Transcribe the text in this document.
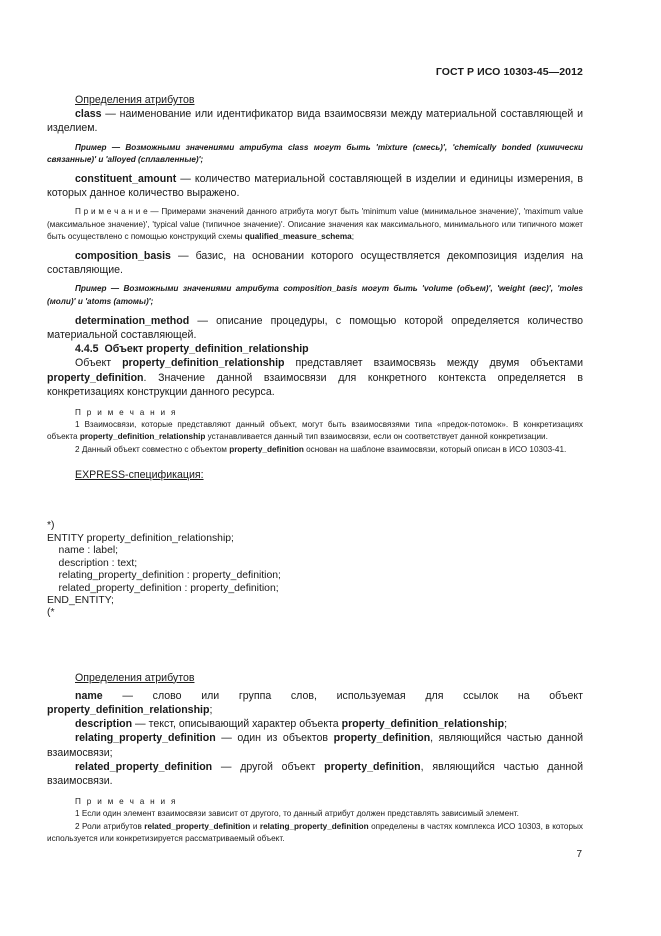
ГОСТ Р ИСО 10303-45—2012

Определения атрибутов

class — наименование или идентификатор вида взаимосвязи между материальной составляющей и изделием.

Пример — Возможными значениями атрибута class могут быть 'mixture (смесь)', 'chemically bonded (химически связанные)' и 'alloyed (сплавленные)';

constituent_amount — количество материальной составляющей в изделии и единицы измерения, в которых данное количество выражено.

П р и м е ч а н и е — Примерами значений данного атрибута могут быть 'minimum value (минимальное значение)', 'maximum value (максимальное значение)', 'typical value (типичное значение)'. Описание значения как максимального, минимального или типичного может быть осуществлено с помощью конструкций схемы qualified_measure_schema;

composition_basis — базис, на основании которого осуществляется декомпозиция изделия на составляющие.

Пример — Возможными значениями атрибута composition_basis могут быть 'volume (объем)', 'weight (вес)', 'moles (моли)' и 'atoms (атомы)';

determination_method — описание процедуры, с помощью которой определяется количество материальной составляющей.

4.4.5 Объект property_definition_relationship

Объект property_definition_relationship представляет взаимосвязь между двумя объектами property_definition. Значение данной взаимосвязи для конкретного контекста определяется в конкретизациях конструкции данного ресурса.

П р и м е ч а н и я

1 Взаимосвязи, которые представляют данный объект, могут быть взаимосвязями типа «предок-потомок». В конкретизациях объекта property_definition_relationship устанавливается данный тип взаимосвязи, если он соответствует данной конкретизации.

2 Данный объект совместно с объектом property_definition основан на шаблоне взаимосвязи, который описан в ИСО 10303-41.

EXPRESS-спецификация:

*)
ENTITY property_definition_relationship;
name : label;
description : text;
relating_property_definition : property_definition;
related_property_definition : property_definition;
END_ENTITY;
(*

Определения атрибутов

name — слово или группа слов, используемая для ссылок на объект property_definition_relationship;

description — текст, описывающий характер объекта property_definition_relationship;

relating_property_definition — один из объектов property_definition, являющийся частью данной взаимосвязи;

related_property_definition — другой объект property_definition, являющийся частью данной взаимосвязи.

П р и м е ч а н и я

1 Если один элемент взаимосвязи зависит от другого, то данный атрибут должен представлять зависимый элемент.

2 Роли атрибутов related_property_definition и relating_property_definition определены в частях комплекса ИСО 10303, в которых используется или конкретизируется рассматриваемый объект.

7
